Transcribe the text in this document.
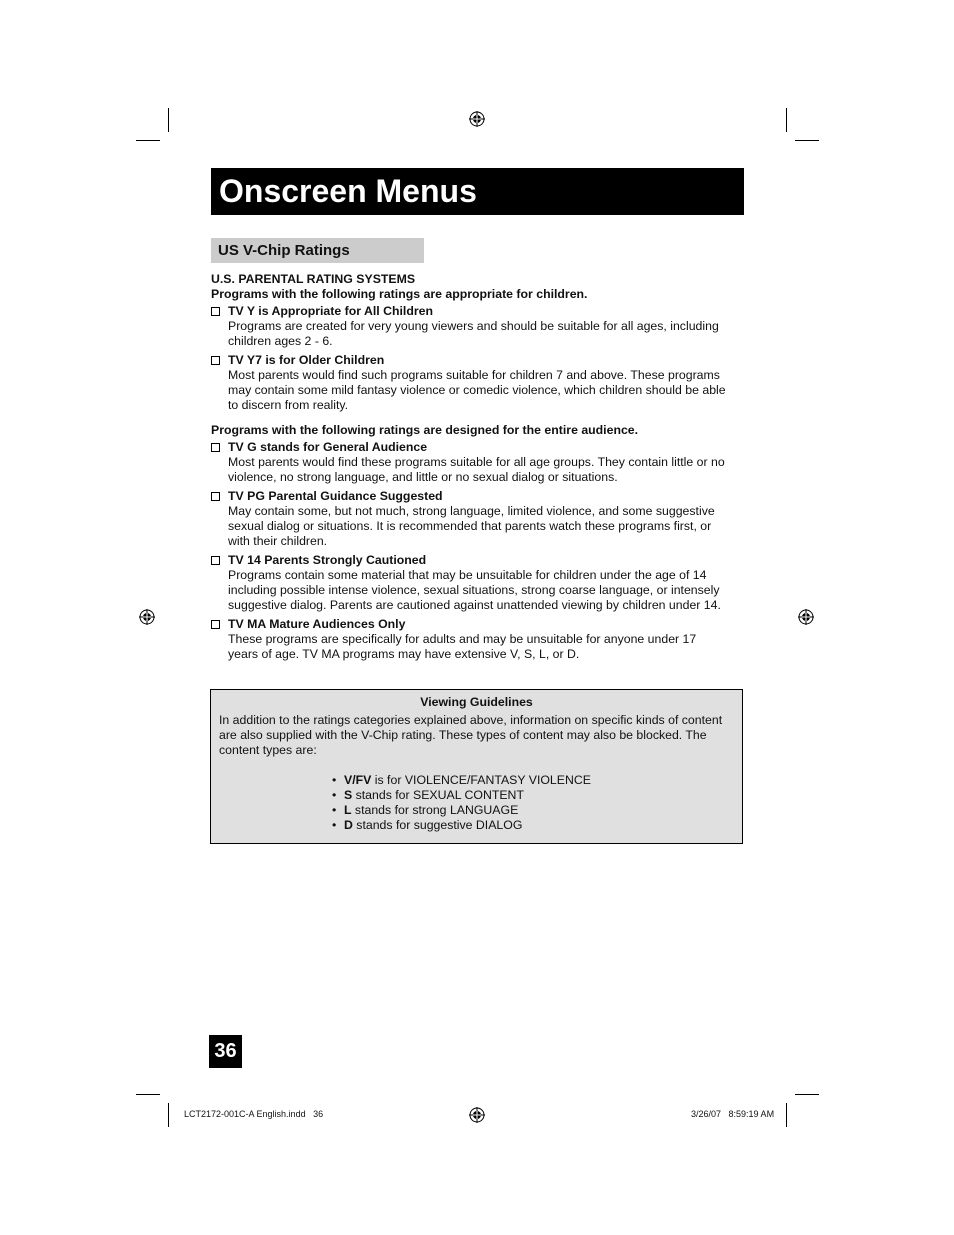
Onscreen Menus
US V-Chip Ratings
U.S. PARENTAL RATING SYSTEMS
Programs with the following ratings are appropriate for children.
TV Y is Appropriate for All Children
Programs are created for very young viewers and should be suitable for all ages, including
children ages 2 - 6.
TV Y7 is for Older Children
Most parents would find such programs suitable for children 7 and above. These programs
may contain some mild fantasy violence or comedic violence, which children should be able
to discern from reality.
Programs with the following ratings are designed for the entire audience.
TV G stands for General Audience
Most parents would find these programs suitable for all age groups. They contain little or no
violence, no strong language, and little or no sexual dialog or situations.
TV PG Parental Guidance Suggested
May contain some, but not much, strong language, limited violence, and some suggestive
sexual dialog or situations. It is recommended that parents watch these programs first, or
with their children.
TV 14 Parents Strongly Cautioned
Programs contain some material that may be unsuitable for children under the age of 14
including possible intense violence, sexual situations, strong coarse language, or intensely
suggestive dialog. Parents are cautioned against unattended viewing by children under 14.
TV MA Mature Audiences Only
These programs are specifically for adults and may be unsuitable for anyone under 17
years of age. TV MA programs may have extensive V, S, L, or D.
Viewing Guidelines
In addition to the ratings categories explained above, information on specific kinds of content
are also supplied with the V-Chip rating. These types of content may also be blocked. The
content types are:
• V/FV is for VIOLENCE/FANTASY VIOLENCE
• S stands for SEXUAL CONTENT
• L stands for strong LANGUAGE
• D stands for suggestive DIALOG
36
LCT2172-001C-A English.indd   36	3/26/07   8:59:19 AM
